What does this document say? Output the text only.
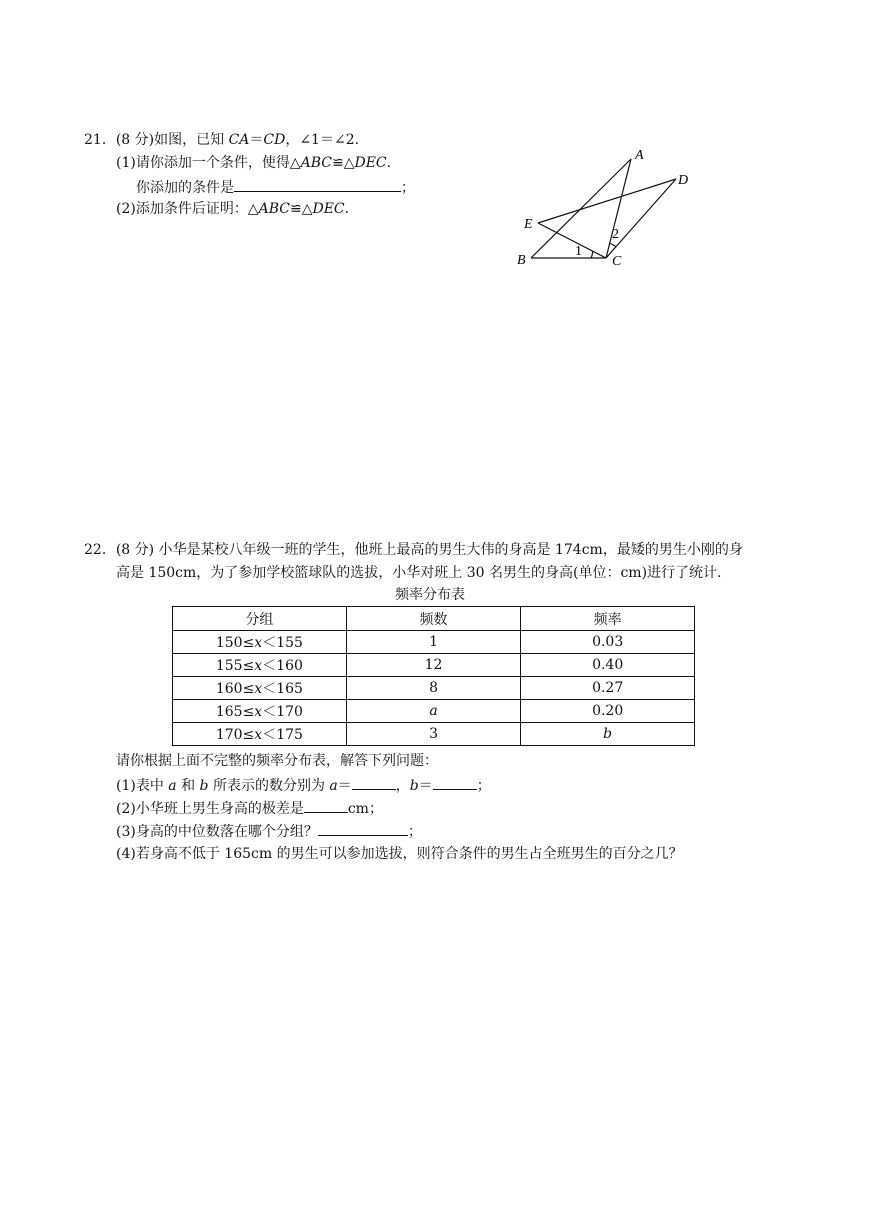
21．(8 分)如图，已知 CA＝CD，∠1＝∠2.
(1)请你添加一个条件，使得△ABC≌△DEC.
你添加的条件是	；
(2)添加条件后证明：△ABC≌△DEC.
A
D
E
B	C
1
2
22．(8 分) 小华是某校八年级一班的学生，他班上最高的男生大伟的身高是 174cm，最矮的男生小刚的身
高是 150cm，为了参加学校篮球队的选拔，小华对班上 30 名男生的身高(单位：cm)进行了统计.
频率分布表
分组	频数	频率
150≤x＜155	1	0.03
155≤x＜160	12	0.40
160≤x＜165	8	0.27
165≤x＜170	a	0.20
170≤x＜175	3	b
请你根据上面不完整的频率分布表，解答下列问题：
(1)表中 a 和 b 所表示的数分别为 a＝	，b＝	；
(2)小华班上男生身高的极差是	cm；
(3)身高的中位数落在哪个分组？	；
(4)若身高不低于 165cm 的男生可以参加选拔，则符合条件的男生占全班男生的百分之几？
